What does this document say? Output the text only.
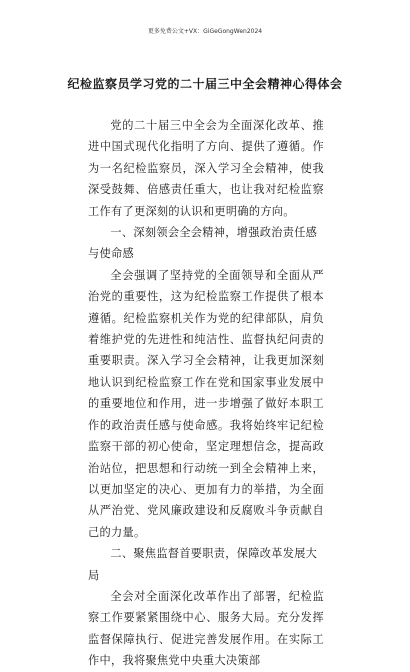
更多免费公文+VX：GiGeGongWen2024
纪检监察员学习党的二十届三中全会精神心得体会

党的二十届三中全会为全面深化改革、推进中国式现代化指明了方向、提供了遵循。作为一名纪检监察员，深入学习全会精神，使我深受鼓舞、倍感责任重大，也让我对纪检监察工作有了更深刻的认识和更明确的方向。

一、深刻领会全会精神，增强政治责任感与使命感

全会强调了坚持党的全面领导和全面从严治党的重要性，这为纪检监察工作提供了根本遵循。纪检监察机关作为党的纪律部队，肩负着维护党的先进性和纯洁性、监督执纪问责的重要职责。深入学习全会精神，让我更加深刻地认识到纪检监察工作在党和国家事业发展中的重要地位和作用，进一步增强了做好本职工作的政治责任感与使命感。我将始终牢记纪检监察干部的初心使命，坚定理想信念，提高政治站位，把思想和行动统一到全会精神上来，以更加坚定的决心、更加有力的举措，为全面从严治党、党风廉政建设和反腐败斗争贡献自己的力量。

二、聚焦监督首要职责，保障改革发展大局

全会对全面深化改革作出了部署，纪检监察工作要紧紧围绕中心、服务大局。充分发挥监督保障执行、促进完善发展作用。在实际工作中，我将聚焦党中央重大决策部
